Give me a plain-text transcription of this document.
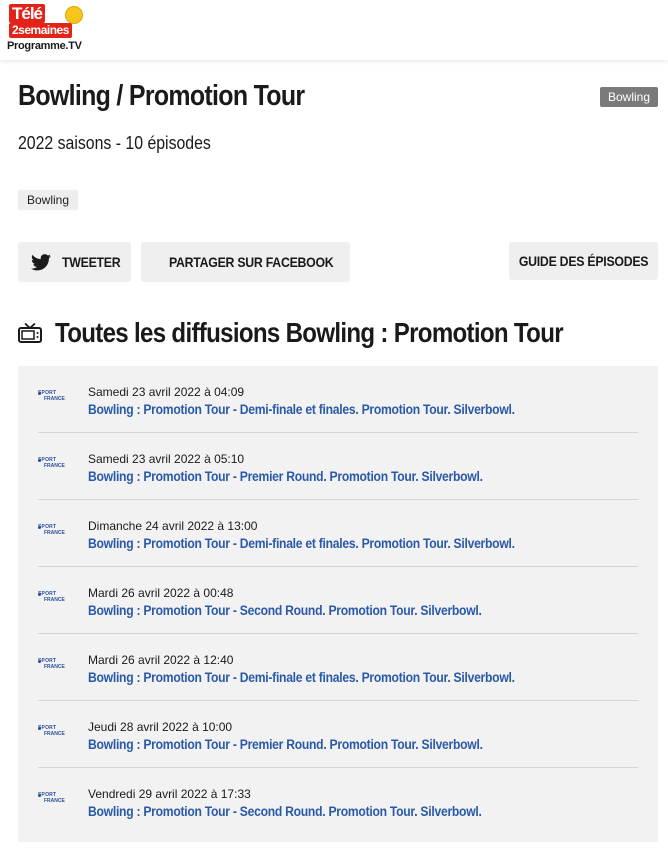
Télé
2semaines
Programme.TV
Bowling / Promotion Tour	Bowling
2022 saisons - 10 épisodes
Bowling
TWEETER	PARTAGER SUR FACEBOOK	GUIDE DES ÉPISODES
Toutes les diffusions Bowling : Promotion Tour
SPORT
FRANCE Samedi 23 avril 2022 à 04:09
Bowling : Promotion Tour - Demi-finale et finales. Promotion Tour. Silverbowl.
SPORT
FRANCE Samedi 23 avril 2022 à 05:10
Bowling : Promotion Tour - Premier Round. Promotion Tour. Silverbowl.
SPORT
FRANCE Dimanche 24 avril 2022 à 13:00
Bowling : Promotion Tour - Demi-finale et finales. Promotion Tour. Silverbowl.
SPORT
FRANCE Mardi 26 avril 2022 à 00:48
Bowling : Promotion Tour - Second Round. Promotion Tour. Silverbowl.
SPORT
FRANCE Mardi 26 avril 2022 à 12:40
Bowling : Promotion Tour - Demi-finale et finales. Promotion Tour. Silverbowl.
SPORT
FRANCE Jeudi 28 avril 2022 à 10:00
Bowling : Promotion Tour - Premier Round. Promotion Tour. Silverbowl.
SPORT
FRANCE Vendredi 29 avril 2022 à 17:33
Bowling : Promotion Tour - Second Round. Promotion Tour. Silverbowl.
